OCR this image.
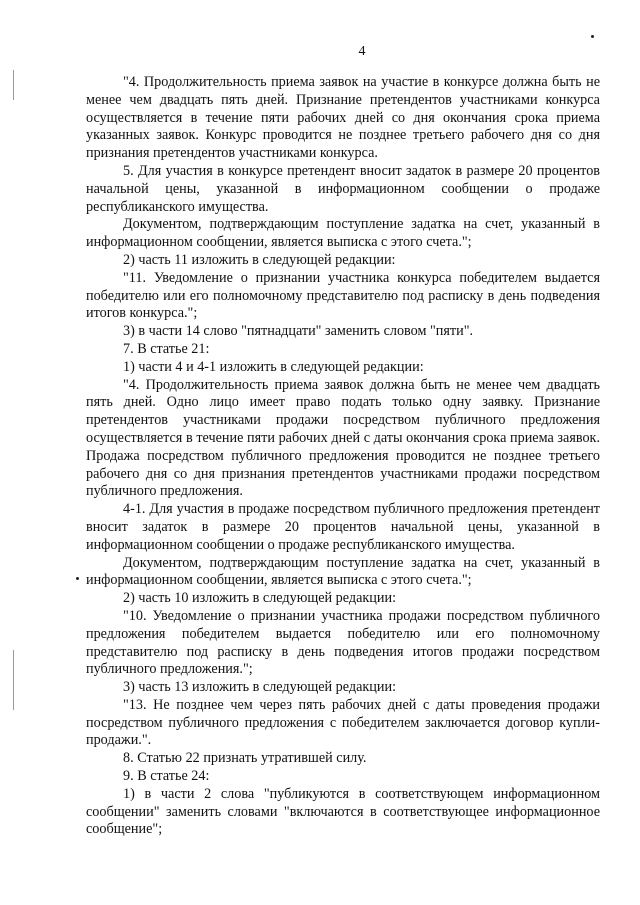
4

"4. Продолжительность приема заявок на участие в конкурсе должна быть не менее чем двадцать пять дней. Признание претендентов участниками конкурса осуществляется в течение пяти рабочих дней со дня окончания срока приема указанных заявок. Конкурс проводится не позднее третьего рабочего дня со дня признания претендентов участниками конкурса.

5. Для участия в конкурсе претендент вносит задаток в размере 20 процентов начальной цены, указанной в информационном сообщении о продаже республиканского имущества.

Документом, подтверждающим поступление задатка на счет, указанный в информационном сообщении, является выписка с этого счета.";

2) часть 11 изложить в следующей редакции:

"11. Уведомление о признании участника конкурса победителем выдается победителю или его полномочному представителю под расписку в день подведения итогов конкурса.";

3) в части 14 слово "пятнадцати" заменить словом "пяти".

7. В статье 21:

1) части 4 и 4-1 изложить в следующей редакции:

"4. Продолжительность приема заявок должна быть не менее чем двадцать пять дней. Одно лицо имеет право подать только одну заявку. Признание претендентов участниками продажи посредством публичного предложения осуществляется в течение пяти рабочих дней с даты окончания срока приема заявок. Продажа посредством публичного предложения проводится не позднее третьего рабочего дня со дня признания претендентов участниками продажи посредством публичного предложения.

4-1. Для участия в продаже посредством публичного предложения претендент вносит задаток в размере 20 процентов начальной цены, указанной в информационном сообщении о продаже республиканского имущества.

Документом, подтверждающим поступление задатка на счет, указанный в информационном сообщении, является выписка с этого счета.";

2) часть 10 изложить в следующей редакции:

"10. Уведомление о признании участника продажи посредством публичного предложения победителем выдается победителю или его полномочному представителю под расписку в день подведения итогов продажи посредством публичного предложения.";

3) часть 13 изложить в следующей редакции:

"13. Не позднее чем через пять рабочих дней с даты проведения продажи посредством публичного предложения с победителем заключается договор купли-продажи.".

8. Статью 22 признать утратившей силу.

9. В статье 24:

1) в части 2 слова "публикуются в соответствующем информационном сообщении" заменить словами "включаются в соответствующее информационное сообщение";
